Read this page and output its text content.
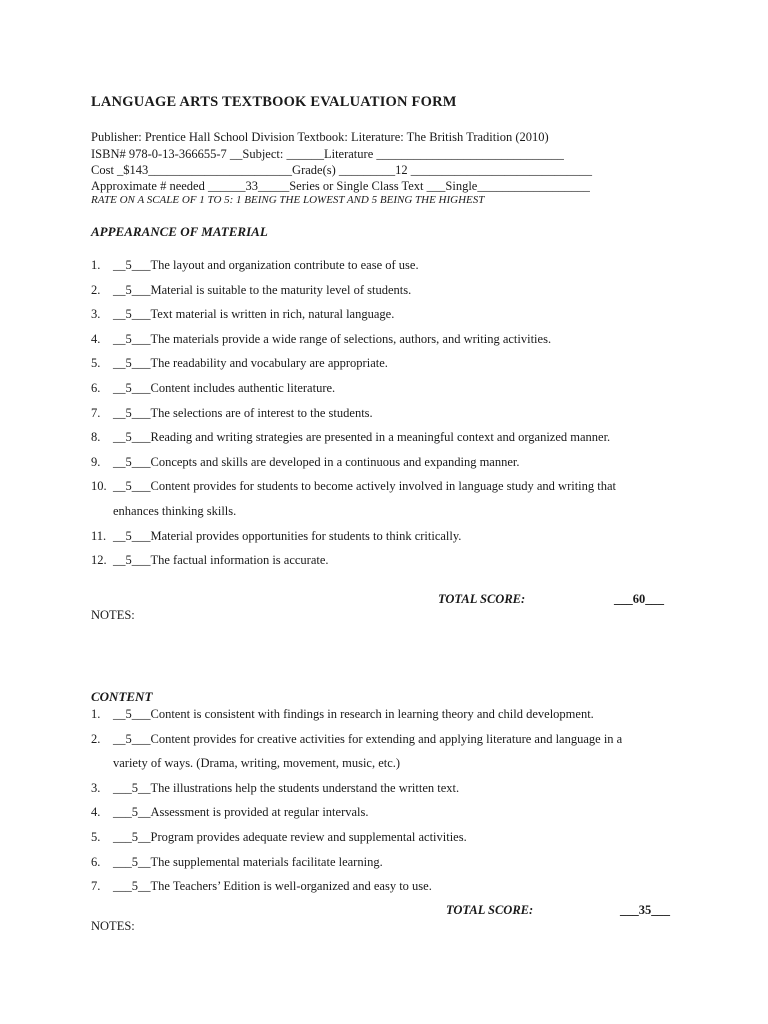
LANGUAGE ARTS TEXTBOOK EVALUATION FORM
Publisher: Prentice Hall School Division Textbook: Literature: The British Tradition (2010)
ISBN# 978-0-13-366655-7 __Subject: ______Literature ______________________________
Cost _$143_______________________Grade(s) _________12 _____________________________
Approximate # needed ______33_____Series or Single Class Text ___Single__________________
RATE ON A SCALE OF 1 TO 5: 1 BEING THE LOWEST AND 5 BEING THE HIGHEST
APPEARANCE OF MATERIAL
1. __5___The layout and organization contribute to ease of use.
2. __5___Material is suitable to the maturity level of students.
3. __5___Text material is written in rich, natural language.
4. __5___The materials provide a wide range of selections, authors, and writing activities.
5. __5___The readability and vocabulary are appropriate.
6. __5___Content includes authentic literature.
7. __5___The selections are of interest to the students.
8. __5___Reading and writing strategies are presented in a meaningful context and organized manner.
9. __5___Concepts and skills are developed in a continuous and expanding manner.
10. __5___Content provides for students to become actively involved in language study and writing that
enhances thinking skills.
11. __5___Material provides opportunities for students to think critically.
12. __5___The factual information is accurate.
TOTAL SCORE:	___60___
NOTES:
CONTENT
1. __5___Content is consistent with findings in research in learning theory and child development.
2. __5___Content provides for creative activities for extending and applying literature and language in a
variety of ways. (Drama, writing, movement, music, etc.)
3. ___5__The illustrations help the students understand the written text.
4. ___5__Assessment is provided at regular intervals.
5. ___5__Program provides adequate review and supplemental activities.
6. ___5__The supplemental materials facilitate learning.
7. ___5__The Teachers’ Edition is well-organized and easy to use.
TOTAL SCORE:	___35___
NOTES:
